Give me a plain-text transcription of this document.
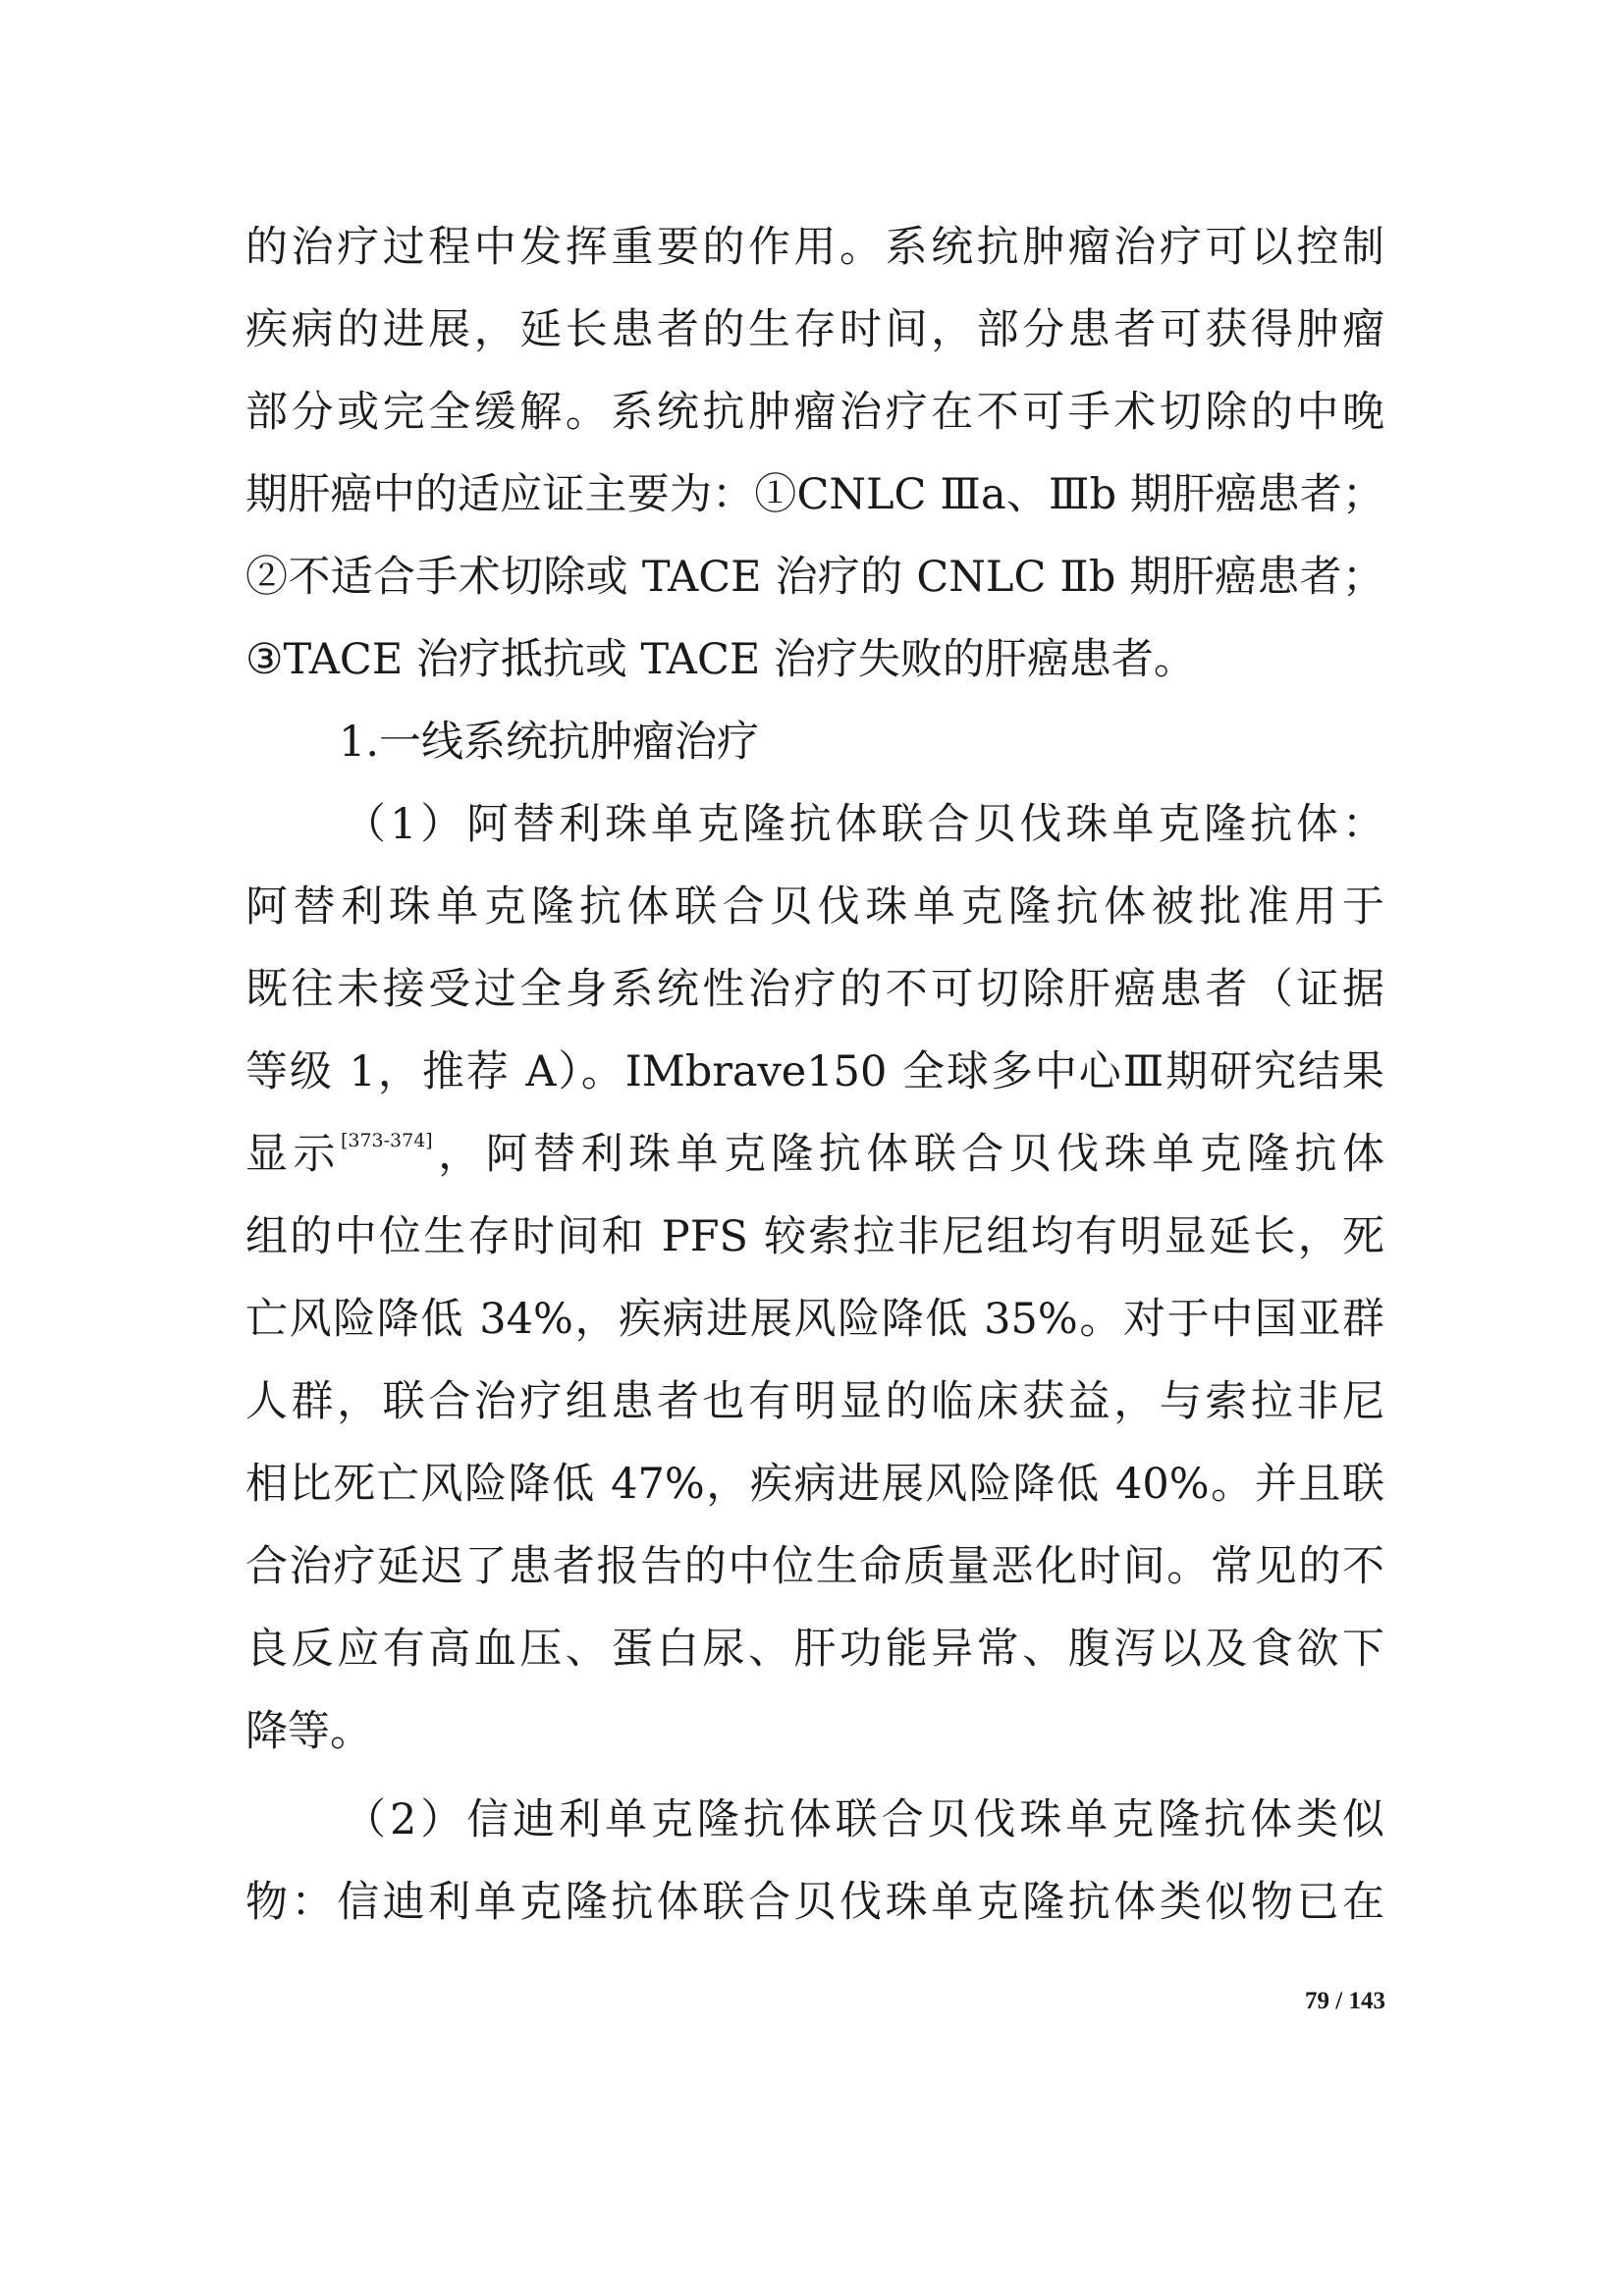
的治疗过程中发挥重要的作用。系统抗肿瘤治疗可以控制
疾病的进展，延长患者的生存时间，部分患者可获得肿瘤
部分或完全缓解。系统抗肿瘤治疗在不可手术切除的中晚
期肝癌中的适应证主要为：①CNLC Ⅲa、Ⅲb 期肝癌患者；
②不适合手术切除或 TACE 治疗的 CNLC Ⅱb 期肝癌患者；
③TACE 治疗抵抗或 TACE 治疗失败的肝癌患者。
1.一线系统抗肿瘤治疗
（1）阿替利珠单克隆抗体联合贝伐珠单克隆抗体：
阿替利珠单克隆抗体联合贝伐珠单克隆抗体被批准用于
既往未接受过全身系统性治疗的不可切除肝癌患者（证据
等级 1，推荐 A）。IMbrave150 全球多中心Ⅲ期研究结果
显示[373-374]，阿替利珠单克隆抗体联合贝伐珠单克隆抗体
组的中位生存时间和 PFS 较索拉非尼组均有明显延长，死
亡风险降低 34%，疾病进展风险降低 35%。对于中国亚群
人群，联合治疗组患者也有明显的临床获益，与索拉非尼
相比死亡风险降低 47%，疾病进展风险降低 40%。并且联
合治疗延迟了患者报告的中位生命质量恶化时间。常见的不
良反应有高血压、蛋白尿、肝功能异常、腹泻以及食欲下
降等。
（2）信迪利单克隆抗体联合贝伐珠单克隆抗体类似
物：信迪利单克隆抗体联合贝伐珠单克隆抗体类似物已在
79 / 143
